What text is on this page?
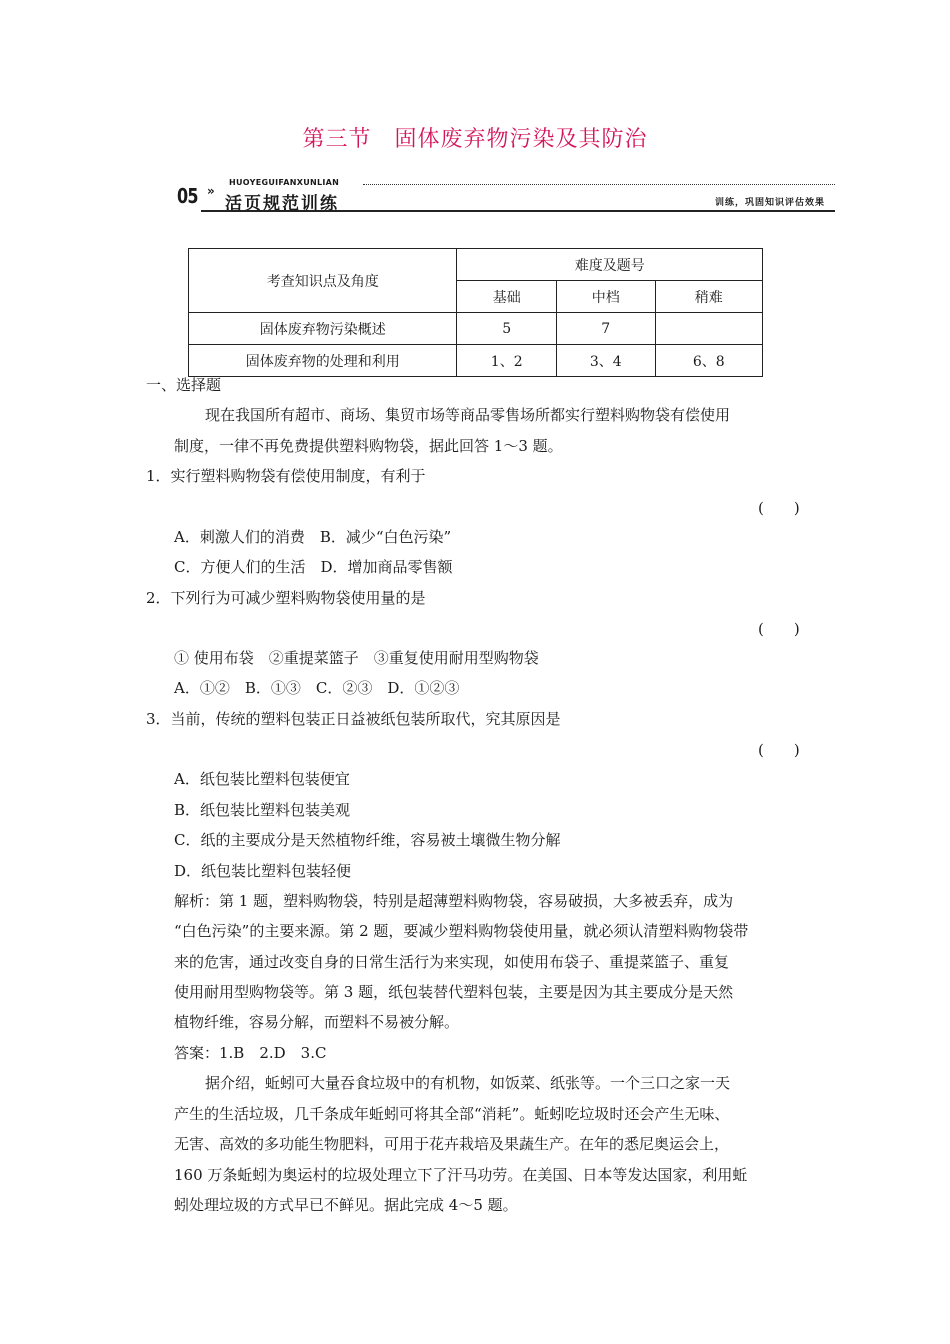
第三节　固体废弃物污染及其防治
05 »
HUOYEGUIFANXUNLIAN
活页规范训练	训练，巩固知识评估效果
考查知识点及角度	难度及题号		
	基础	中档	稍难
固体废弃物污染概述	5	7	
固体废弃物的处理和利用	1、2	3、4	6、8
一、选择题
现在我国所有超市、商场、集贸市场等商品零售场所都实行塑料购物袋有偿使用
制度，一律不再免费提供塑料购物袋，据此回答 1～3 题。
1．实行塑料购物袋有偿使用制度，有利于
(　　)
A．刺激人们的消费　B．减少“白色污染”
C．方便人们的生活　D．增加商品零售额
2．下列行为可减少塑料购物袋使用量的是
(　　)
① 使用布袋　②重提菜篮子　③重复使用耐用型购物袋
A．①②　B．①③　C．②③　D．①②③
3．当前，传统的塑料包装正日益被纸包装所取代，究其原因是
(　　)
A．纸包装比塑料包装便宜
B．纸包装比塑料包装美观
C．纸的主要成分是天然植物纤维，容易被土壤微生物分解
D．纸包装比塑料包装轻便
解析：第 1 题，塑料购物袋，特别是超薄塑料购物袋，容易破损，大多被丢弃，成为
“白色污染”的主要来源。第 2 题，要减少塑料购物袋使用量，就必须认清塑料购物袋带
来的危害，通过改变自身的日常生活行为来实现，如使用布袋子、重提菜篮子、重复
使用耐用型购物袋等。第 3 题，纸包装替代塑料包装，主要是因为其主要成分是天然
植物纤维，容易分解，而塑料不易被分解。
答案：1.B　2.D　3.C
据介绍，蚯蚓可大量吞食垃圾中的有机物，如饭菜、纸张等。一个三口之家一天
产生的生活垃圾，几千条成年蚯蚓可将其全部“消耗”。蚯蚓吃垃圾时还会产生无味、
无害、高效的多功能生物肥料，可用于花卉栽培及果蔬生产。在年的悉尼奥运会上，
160 万条蚯蚓为奥运村的垃圾处理立下了汗马功劳。在美国、日本等发达国家，利用蚯
蚓处理垃圾的方式早已不鲜见。据此完成 4～5 题。
